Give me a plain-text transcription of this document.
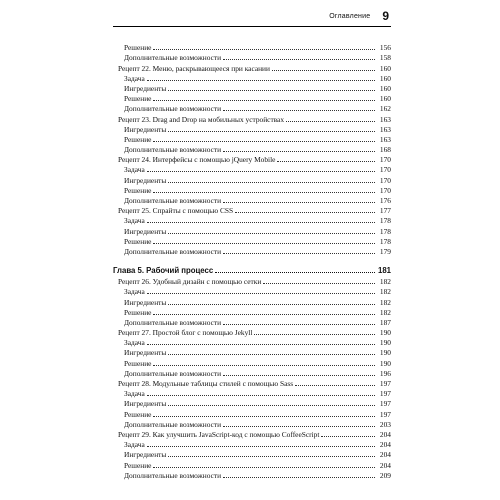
Оглавление 9
Решение	156
Дополнительные возможности	158
Рецепт 22. Меню, раскрывающееся при касании	160
Задача	160
Ингредиенты	160
Решение	160
Дополнительные возможности	162
Рецепт 23. Drag and Drop на мобильных устройствах	163
Ингредиенты	163
Решение	163
Дополнительные возможности	168
Рецепт 24. Интерфейсы с помощью jQuery Mobile	170
Задача	170
Ингредиенты	170
Решение	170
Дополнительные возможности	176
Рецепт 25. Спрайты с помощью CSS	177
Задача	178
Ингредиенты	178
Решение	178
Дополнительные возможности	179
Глава 5. Рабочий процесс	181
Рецепт 26. Удобный дизайн с помощью сетки	182
Задача	182
Ингредиенты	182
Решение	182
Дополнительные возможности	187
Рецепт 27. Простой блог с помощью Jekyll	190
Задача	190
Ингредиенты	190
Решение	190
Дополнительные возможности	196
Рецепт 28. Модульные таблицы стилей с помощью Sass	197
Задача	197
Ингредиенты	197
Решение	197
Дополнительные возможности	203
Рецепт 29. Как улучшить JavaScript-код с помощью CoffeeScript	204
Задача	204
Ингредиенты	204
Решение	204
Дополнительные возможности	209
